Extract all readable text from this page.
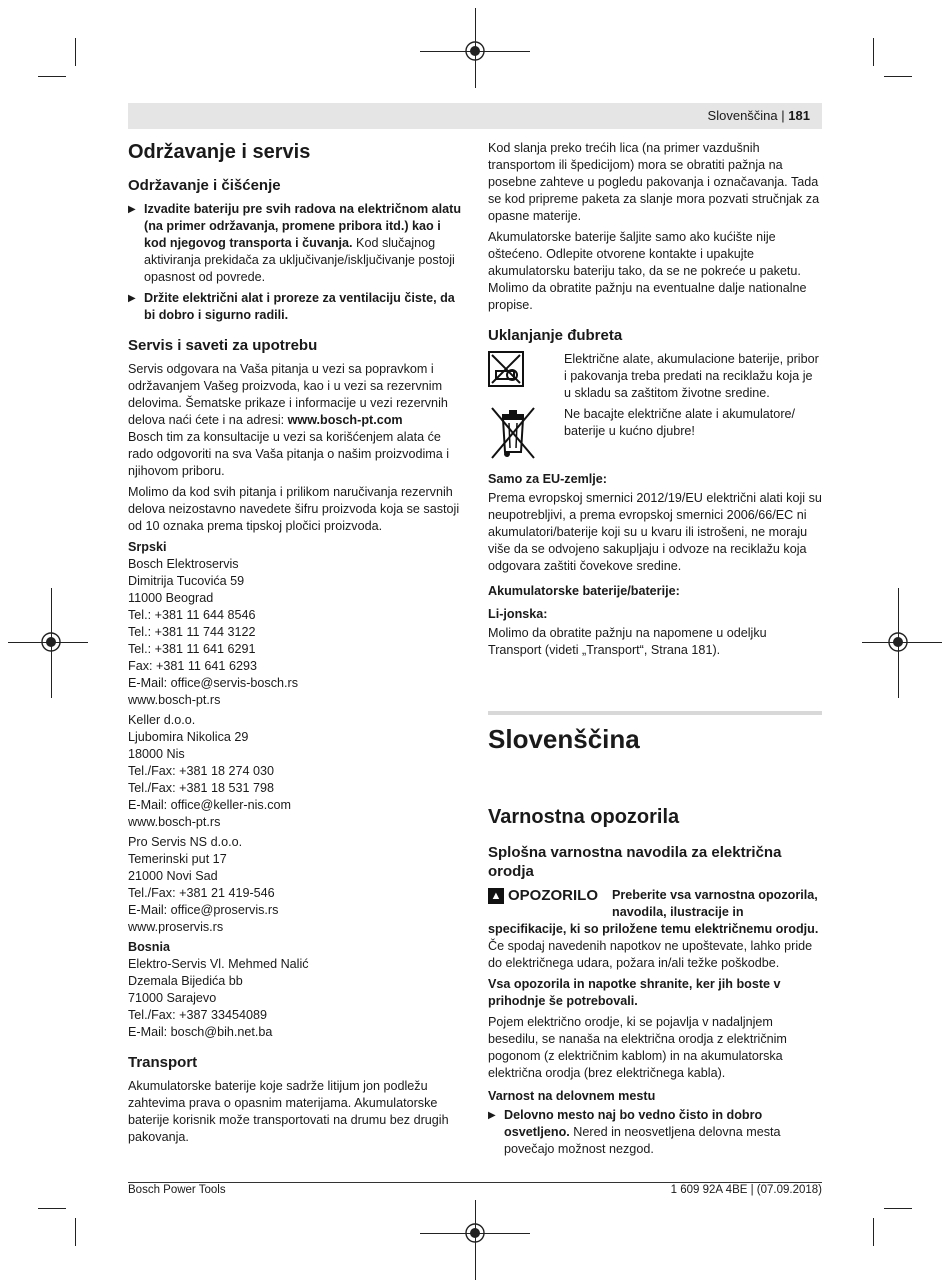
Slovenščina | 181
Održavanje i servis
Održavanje i čišćenje
▶ Izvadite bateriju pre svih radova na električnom alatu (na primer održavanja, promene pribora itd.) kao i kod njegovog transporta i čuvanja. Kod slučajnog aktiviranja prekidača za uključivanje/isključivanje postoji opasnost od povrede.
▶ Držite električni alat i proreze za ventilaciju čiste, da bi dobro i sigurno radili.
Servis i saveti za upotrebu

Servis odgovara na Vaša pitanja u vezi sa popravkom i održavanjem Vašeg proizvoda, kao i u vezi sa rezervnim delovima. Šematske prikaze i informacije u vezi rezervnih delova naći ćete i na adresi: www.bosch-pt.com
Bosch tim za konsultacije u vezi sa korišćenjem alata će rado odgovoriti na sva Vaša pitanja o našim proizvodima i njihovom priboru.

Molimo da kod svih pitanja i prilikom naručivanja rezervnih delova neizostavno navedete šifru proizvoda koja se sastoji od 10 oznaka prema tipskoj pločici proizvoda.

Srpski
Bosch Elektroservis
Dimitrija Tucovića 59
11000 Beograd
Tel.: +381 11 644 8546
Tel.: +381 11 744 3122
Tel.: +381 11 641 6291
Fax: +381 11 641 6293
E-Mail: office@servis-bosch.rs
www.bosch-pt.rs
Keller d.o.o.
Ljubomira Nikolica 29
18000 Nis
Tel./Fax: +381 18 274 030
Tel./Fax: +381 18 531 798
E-Mail: office@keller-nis.com
www.bosch-pt.rs
Pro Servis NS d.o.o.
Temerinski put 17
21000 Novi Sad
Tel./Fax: +381 21 419-546
E-Mail: office@proservis.rs
www.proservis.rs
Bosnia
Elektro-Servis Vl. Mehmed Nalić
Dzemala Bijedića bb
71000 Sarajevo
Tel./Fax: +387 33454089
E-Mail: bosch@bih.net.ba
Transport

Akumulatorske baterije koje sadrže litijum jon podležu zahtevima prava o opasnim materijama. Akumulatorske baterije korisnik može transportovati na drumu bez drugih pakovanja.

Kod slanja preko trećih lica (na primer vazdušnih transportom ili špedicijom) mora se obratiti pažnja na posebne zahteve u pogledu pakovanja i označavanja. Tada se kod pripreme paketa za slanje mora pozvati stručnjak za opasne materije.

Akumulatorske baterije šaljite samo ako kućište nije oštećeno. Odlepite otvorene kontakte i upakujte akumulatorsku bateriju tako, da se ne pokreće u paketu. Molimo da obratite pažnju na eventualne dalje nationalne propise.

Uklanjanje đubreta
Električne alate, akumulacione baterije, pribor i pakovanja treba predati na reciklažu koja je u skladu sa zaštitom životne sredine.
Ne bacajte električne alate i akumulatore/ baterije u kućno djubre!
Samo za EU-zemlje:

Prema evropskoj smernici 2012/19/EU električni alati koji su neupotrebljivi, a prema evropskoj smernici 2006/66/EC ni akumulatori/baterije koji su u kvaru ili istrošeni, ne moraju više da se odvojeno sakupljaju i odvoze na reciklažu koja odgovara zaštiti čovekove sredine.

Akumulatorske baterije/baterije:
Li-jonska:

Molimo da obratite pažnju na napomene u odeljku Transport (videti „Transport“, Strana 181).

Slovenščina
Varnostna opozorila
Splošna varnostna navodila za električna orodja
▲ OPOZORILO Preberite vsa varnostna opozorila, navodila, ilustracije in

specifikacije, ki so priložene temu električnemu orodju. Če spodaj navedenih napotkov ne upoštevate, lahko pride do električnega udara, požara in/ali težke poškodbe.

Vsa opozorila in napotke shranite, ker jih boste v prihodnje še potrebovali.

Pojem električno orodje, ki se pojavlja v nadaljnjem besedilu, se nanaša na električna orodja z električnim pogonom (z električnim kablom) in na akumulatorska električna orodja (brez električnega kabla).

Varnost na delovnem mestu
▶ Delovno mesto naj bo vedno čisto in dobro osvetljeno. Nered in neosvetljena delovna mesta povečajo možnost nezgod.
Bosch Power Tools	1 609 92A 4BE | (07.09.2018)
